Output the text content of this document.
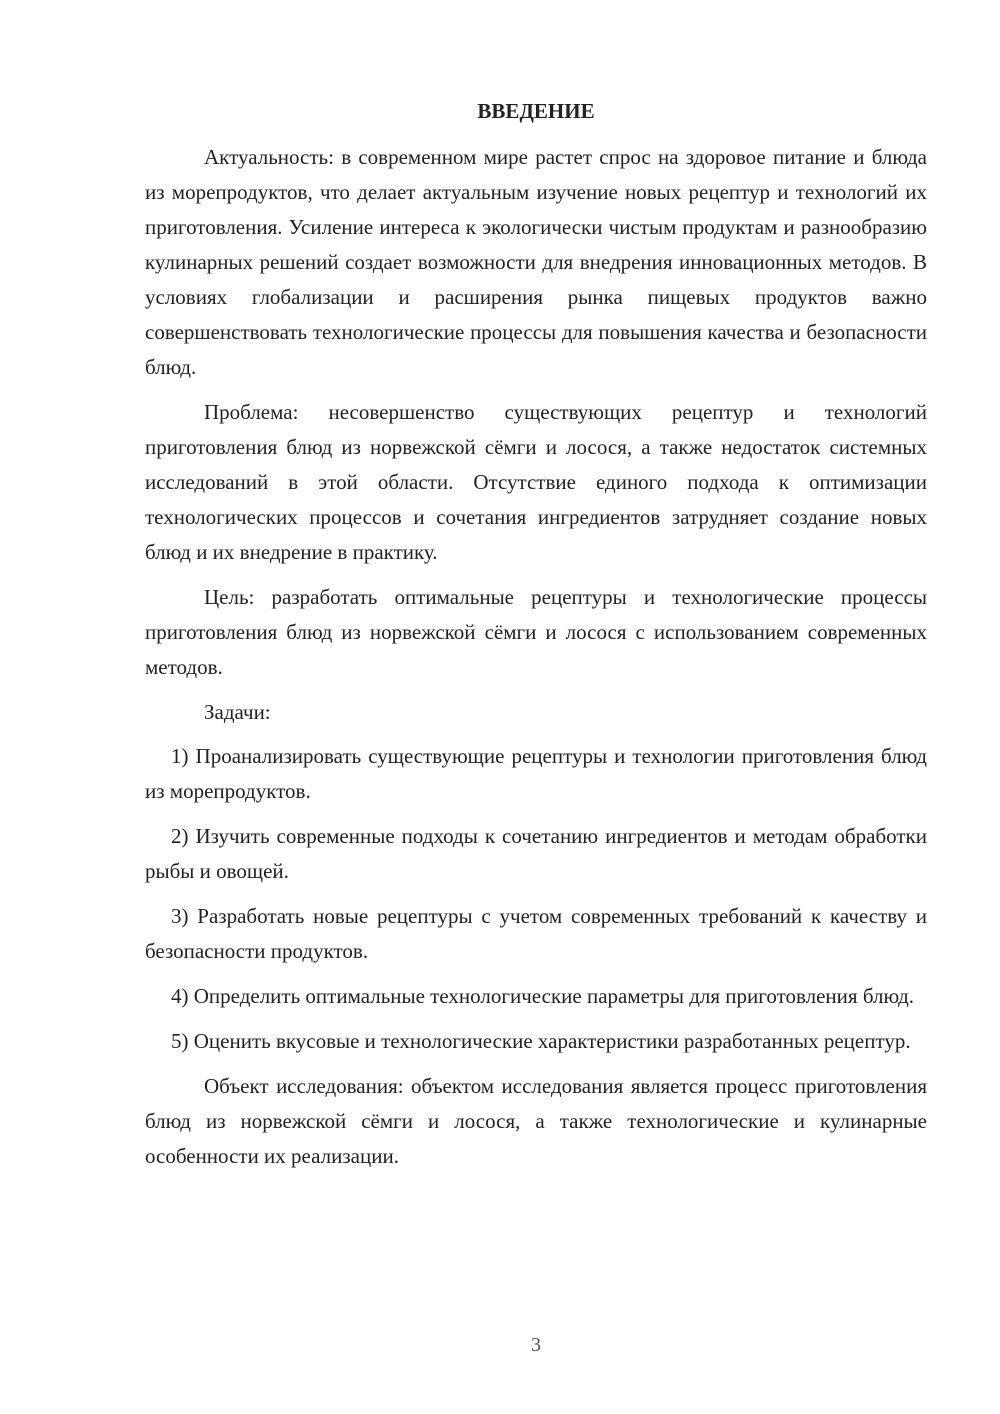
ВВЕДЕНИЕ

Актуальность: в современном мире растет спрос на здоровое питание и блюда из морепродуктов, что делает актуальным изучение новых рецептур и технологий их приготовления. Усиление интереса к экологически чистым продуктам и разнообразию кулинарных решений создает возможности для внедрения инновационных методов. В условиях глобализации и расширения рынка пищевых продуктов важно совершенствовать технологические процессы для повышения качества и безопасности блюд.

Проблема: несовершенство существующих рецептур и технологий приготовления блюд из норвежской сёмги и лосося, а также недостаток системных исследований в этой области. Отсутствие единого подхода к оптимизации технологических процессов и сочетания ингредиентов затрудняет создание новых блюд и их внедрение в практику.

Цель: разработать оптимальные рецептуры и технологические процессы приготовления блюд из норвежской сёмги и лосося с использованием современных методов.

Задачи:

1) Проанализировать существующие рецептуры и технологии приготовления блюд из морепродуктов.

2) Изучить современные подходы к сочетанию ингредиентов и методам обработки рыбы и овощей.

3) Разработать новые рецептуры с учетом современных требований к качеству и безопасности продуктов.

4) Определить оптимальные технологические параметры для приготовления блюд.

5) Оценить вкусовые и технологические характеристики разработанных рецептур.

Объект исследования: объектом исследования является процесс приготовления блюд из норвежской сёмги и лосося, а также технологические и кулинарные особенности их реализации.

3
